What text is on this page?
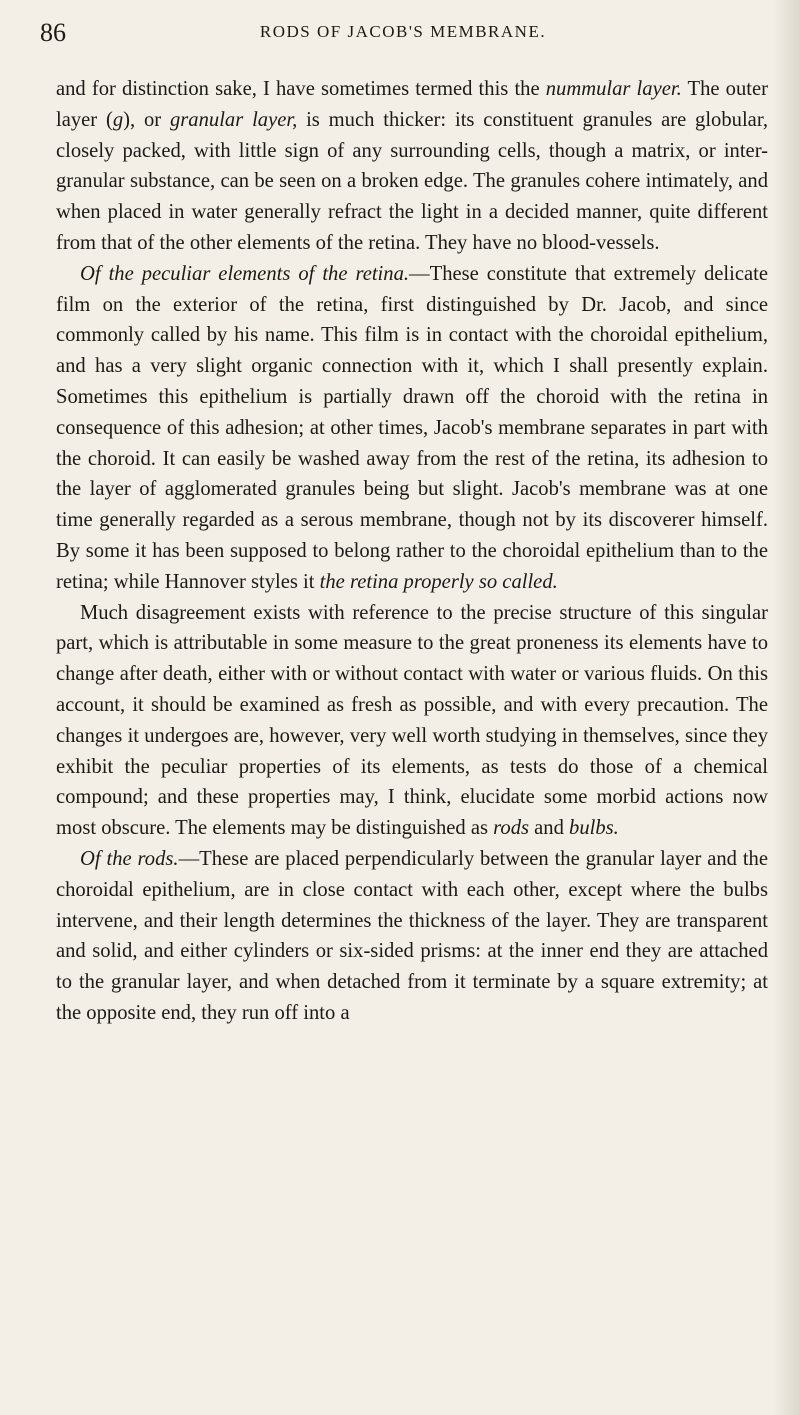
86	RODS OF JACOB'S MEMBRANE.

and for distinction sake, I have sometimes termed this the nummular layer. The outer layer (g), or granular layer, is much thicker: its constituent granules are globular, closely packed, with little sign of any surrounding cells, though a matrix, or inter-granular substance, can be seen on a broken edge. The granules cohere intimately, and when placed in water generally refract the light in a decided manner, quite different from that of the other elements of the retina. They have no blood-vessels.

Of the peculiar elements of the retina.—These constitute that extremely delicate film on the exterior of the retina, first distinguished by Dr. Jacob, and since commonly called by his name. This film is in contact with the choroidal epithelium, and has a very slight organic connection with it, which I shall presently explain. Sometimes this epithelium is partially drawn off the choroid with the retina in consequence of this adhesion; at other times, Jacob's membrane separates in part with the choroid. It can easily be washed away from the rest of the retina, its adhesion to the layer of agglomerated granules being but slight. Jacob's membrane was at one time generally regarded as a serous membrane, though not by its discoverer himself. By some it has been supposed to belong rather to the choroidal epithelium than to the retina; while Hannover styles it the retina properly so called.

Much disagreement exists with reference to the precise structure of this singular part, which is attributable in some measure to the great proneness its elements have to change after death, either with or without contact with water or various fluids. On this account, it should be examined as fresh as possible, and with every precaution. The changes it undergoes are, however, very well worth studying in themselves, since they exhibit the peculiar properties of its elements, as tests do those of a chemical compound; and these properties may, I think, elucidate some morbid actions now most obscure. The elements may be distinguished as rods and bulbs.

Of the rods.—These are placed perpendicularly between the granular layer and the choroidal epithelium, are in close contact with each other, except where the bulbs intervene, and their length determines the thickness of the layer. They are transparent and solid, and either cylinders or six-sided prisms: at the inner end they are attached to the granular layer, and when detached from it terminate by a square extremity; at the opposite end, they run off into a
